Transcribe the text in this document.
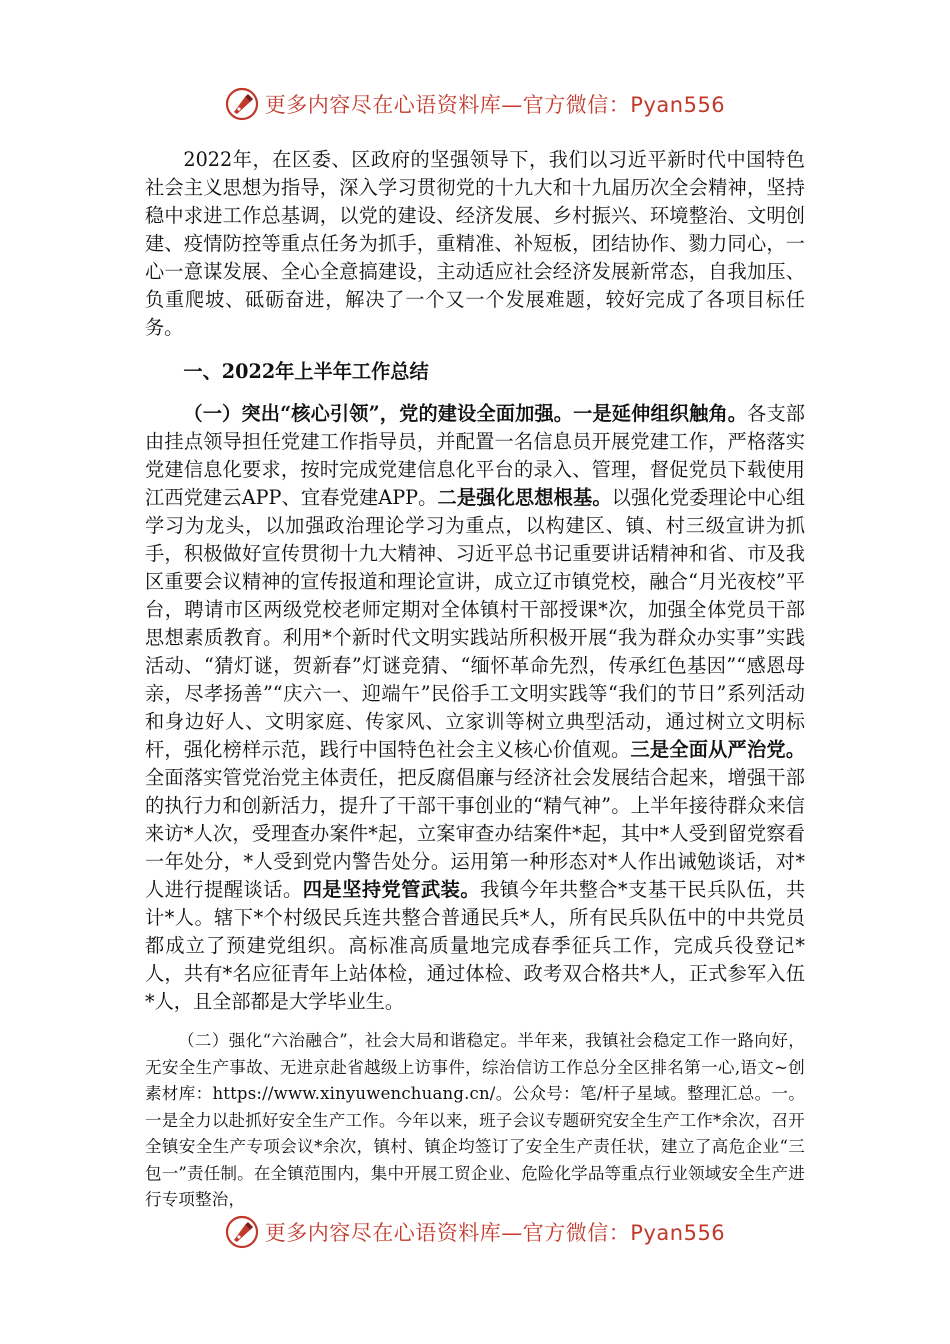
更多内容尽在心语资料库—官方微信：Pyan556

2022年，在区委、区政府的坚强领导下，我们以习近平新时代中国特色社会主义思想为指导，深入学习贯彻党的十九大和十九届历次全会精神，坚持稳中求进工作总基调，以党的建设、经济发展、乡村振兴、环境整治、文明创建、疫情防控等重点任务为抓手，重精准、补短板，团结协作、勠力同心，一心一意谋发展、全心全意搞建设，主动适应社会经济发展新常态，自我加压、负重爬坡、砥砺奋进，解决了一个又一个发展难题，较好完成了各项目标任务。

一、2022年上半年工作总结

（一）突出“核心引领”，党的建设全面加强。一是延伸组织触角。各支部由挂点领导担任党建工作指导员，并配置一名信息员开展党建工作，严格落实党建信息化要求，按时完成党建信息化平台的录入、管理，督促党员下载使用江西党建云APP、宜春党建APP。二是强化思想根基。以强化党委理论中心组学习为龙头，以加强政治理论学习为重点，以构建区、镇、村三级宣讲为抓手，积极做好宣传贯彻十九大精神、习近平总书记重要讲话精神和省、市及我区重要会议精神的宣传报道和理论宣讲，成立辽市镇党校，融合“月光夜校”平台，聘请市区两级党校老师定期对全体镇村干部授课*次，加强全体党员干部思想素质教育。利用*个新时代文明实践站所积极开展“我为群众办实事”实践活动、“猜灯谜，贺新春”灯谜竞猜、“缅怀革命先烈，传承红色基因”“感恩母亲，尽孝扬善”“庆六一、迎端午”民俗手工文明实践等“我们的节日”系列活动和身边好人、文明家庭、传家风、立家训等树立典型活动，通过树立文明标杆，强化榜样示范，践行中国特色社会主义核心价值观。三是全面从严治党。全面落实管党治党主体责任，把反腐倡廉与经济社会发展结合起来，增强干部的执行力和创新活力，提升了干部干事创业的“精气神”。上半年接待群众来信来访*人次，受理查办案件*起，立案审查办结案件*起，其中*人受到留党察看一年处分，*人受到党内警告处分。运用第一种形态对*人作出诫勉谈话，对*人进行提醒谈话。四是坚持党管武装。我镇今年共整合*支基干民兵队伍，共计*人。辖下*个村级民兵连共整合普通民兵*人，所有民兵队伍中的中共党员都成立了预建党组织。高标准高质量地完成春季征兵工作，完成兵役登记*人，共有*名应征青年上站体检，通过体检、政考双合格共*人，正式参军入伍*人，且全部都是大学毕业生。

（二）强化“六治融合”，社会大局和谐稳定。半年来，我镇社会稳定工作一路向好，无安全生产事故、无进京赴省越级上访事件，综治信访工作总分全区排名第一心,语文~创素材库：https://www.xinyuwenchuang.cn/。公众号：笔/杆子星域。整理汇总。一。一是全力以赴抓好安全生产工作。今年以来，班子会议专题研究安全生产工作*余次，召开全镇安全生产专项会议*余次，镇村、镇企均签订了安全生产责任状，建立了高危企业“三包一”责任制。在全镇范围内，集中开展工贸企业、危险化学品等重点行业领域安全生产进行专项整治，

更多内容尽在心语资料库—官方微信：Pyan556
